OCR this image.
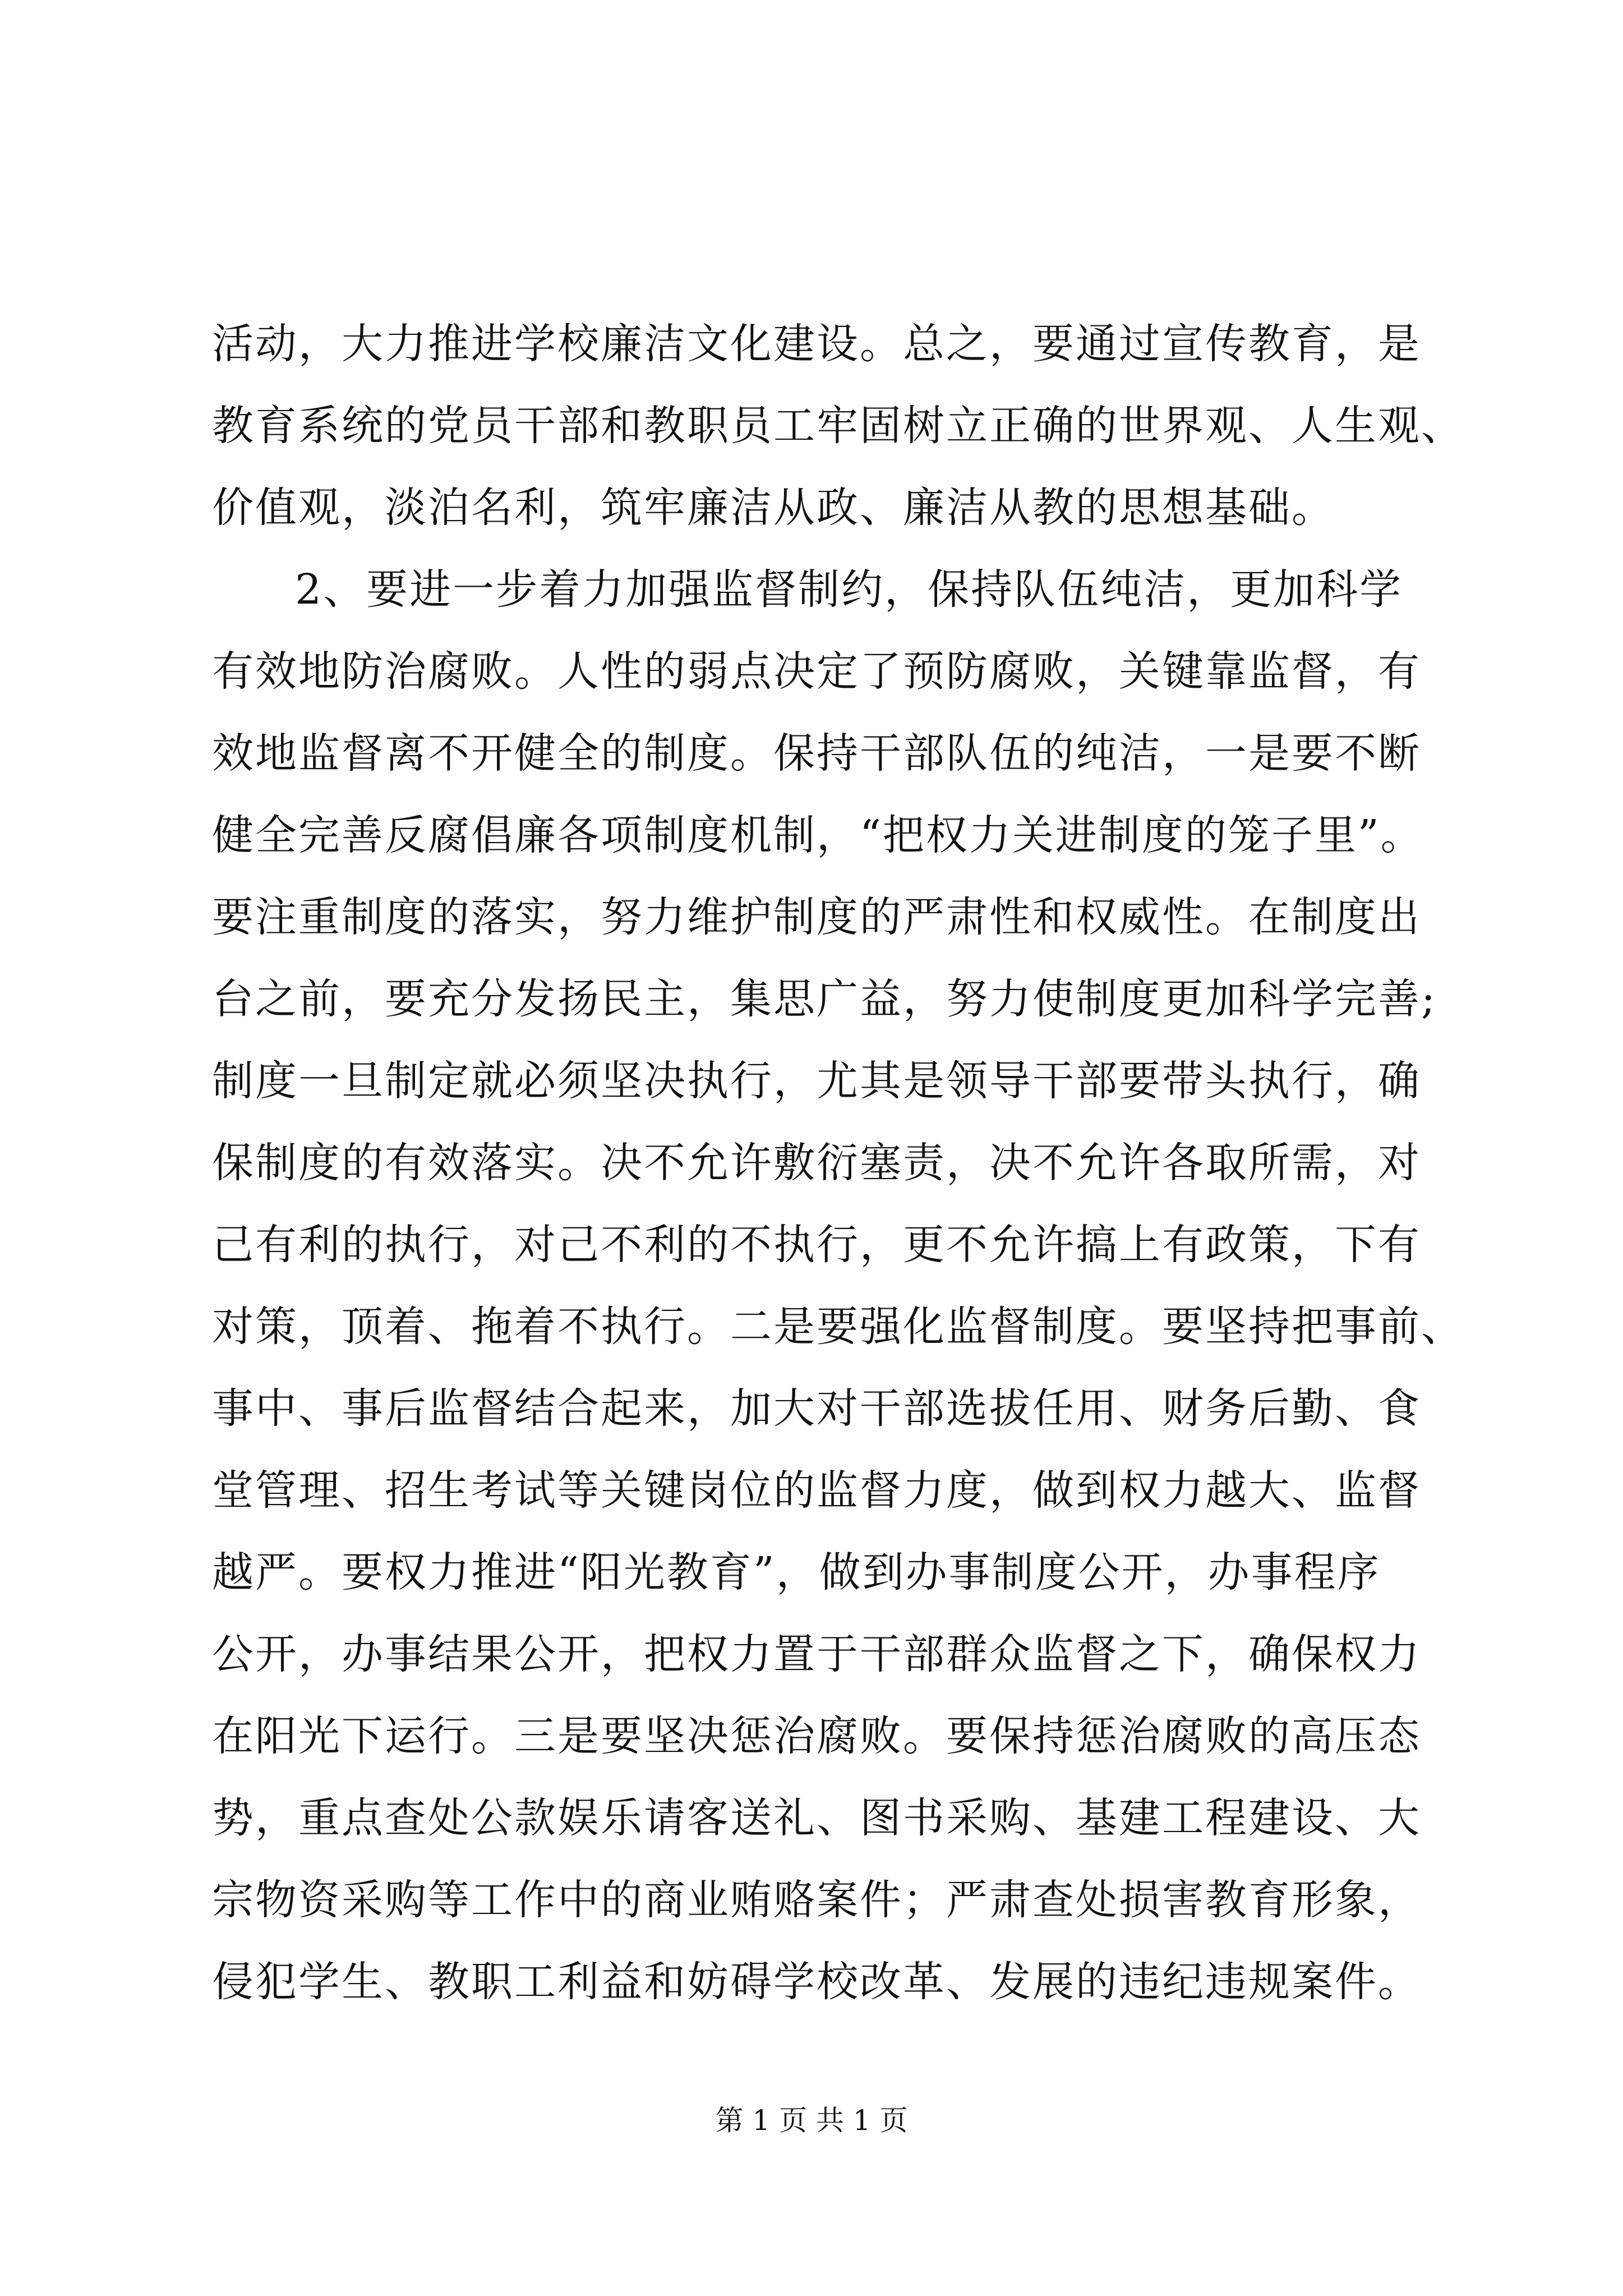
活动，大力推进学校廉洁文化建设。总之，要通过宣传教育，是
教育系统的党员干部和教职员工牢固树立正确的世界观、人生观、
价值观，淡泊名利，筑牢廉洁从政、廉洁从教的思想基础。
2、要进一步着力加强监督制约，保持队伍纯洁，更加科学
有效地防治腐败。人性的弱点决定了预防腐败，关键靠监督，有
效地监督离不开健全的制度。保持干部队伍的纯洁，一是要不断
健全完善反腐倡廉各项制度机制，“把权力关进制度的笼子里”。
要注重制度的落实，努力维护制度的严肃性和权威性。在制度出
台之前，要充分发扬民主，集思广益，努力使制度更加科学完善;
制度一旦制定就必须坚决执行，尤其是领导干部要带头执行，确
保制度的有效落实。决不允许敷衍塞责，决不允许各取所需，对
己有利的执行，对己不利的不执行，更不允许搞上有政策，下有
对策，顶着、拖着不执行。二是要强化监督制度。要坚持把事前、
事中、事后监督结合起来，加大对干部选拔任用、财务后勤、食
堂管理、招生考试等关键岗位的监督力度，做到权力越大、监督
越严。要权力推进“阳光教育”，做到办事制度公开，办事程序
公开，办事结果公开，把权力置于干部群众监督之下，确保权力
在阳光下运行。三是要坚决惩治腐败。要保持惩治腐败的高压态
势，重点查处公款娱乐请客送礼、图书采购、基建工程建设、大
宗物资采购等工作中的商业贿赂案件；严肃查处损害教育形象，
侵犯学生、教职工利益和妨碍学校改革、发展的违纪违规案件。
第 1 页 共 1 页
